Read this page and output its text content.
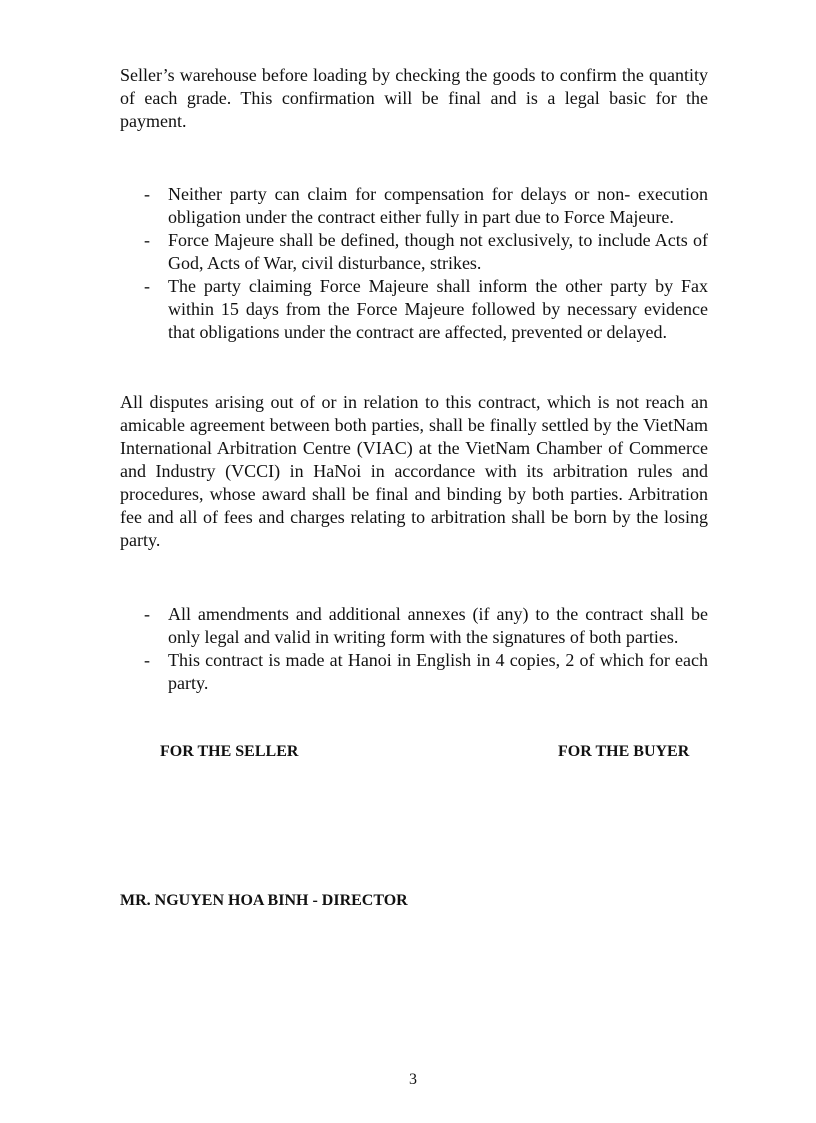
Seller’s warehouse before loading by checking the goods to confirm the quantity of each grade. This confirmation will be final and is a legal basic for the payment.

- Neither party can claim for compensation for delays or non- execution obligation under the contract either fully in part due to Force Majeure.
- Force Majeure shall be defined, though not exclusively, to include Acts of God, Acts of War, civil disturbance, strikes.
- The party claiming Force Majeure shall inform the other party by Fax within 15 days from the Force Majeure followed by necessary evidence that obligations under the contract are affected, prevented or delayed.

All disputes arising out of or in relation to this contract, which is not reach an amicable agreement between both parties, shall be finally settled by the VietNam International Arbitration Centre (VIAC) at the VietNam Chamber of Commerce and Industry (VCCI) in HaNoi in accordance with its arbitration rules and procedures, whose award shall be final and binding by both parties. Arbitration fee and all of fees and charges relating to arbitration shall be born by the losing party.

- All amendments and additional annexes (if any) to the contract shall be only legal and valid in writing form with the signatures of both parties.
- This contract is made at Hanoi in English in 4 copies, 2 of which for each party.

FOR THE SELLER	FOR THE BUYER

MR. NGUYEN HOA BINH - DIRECTOR

3
